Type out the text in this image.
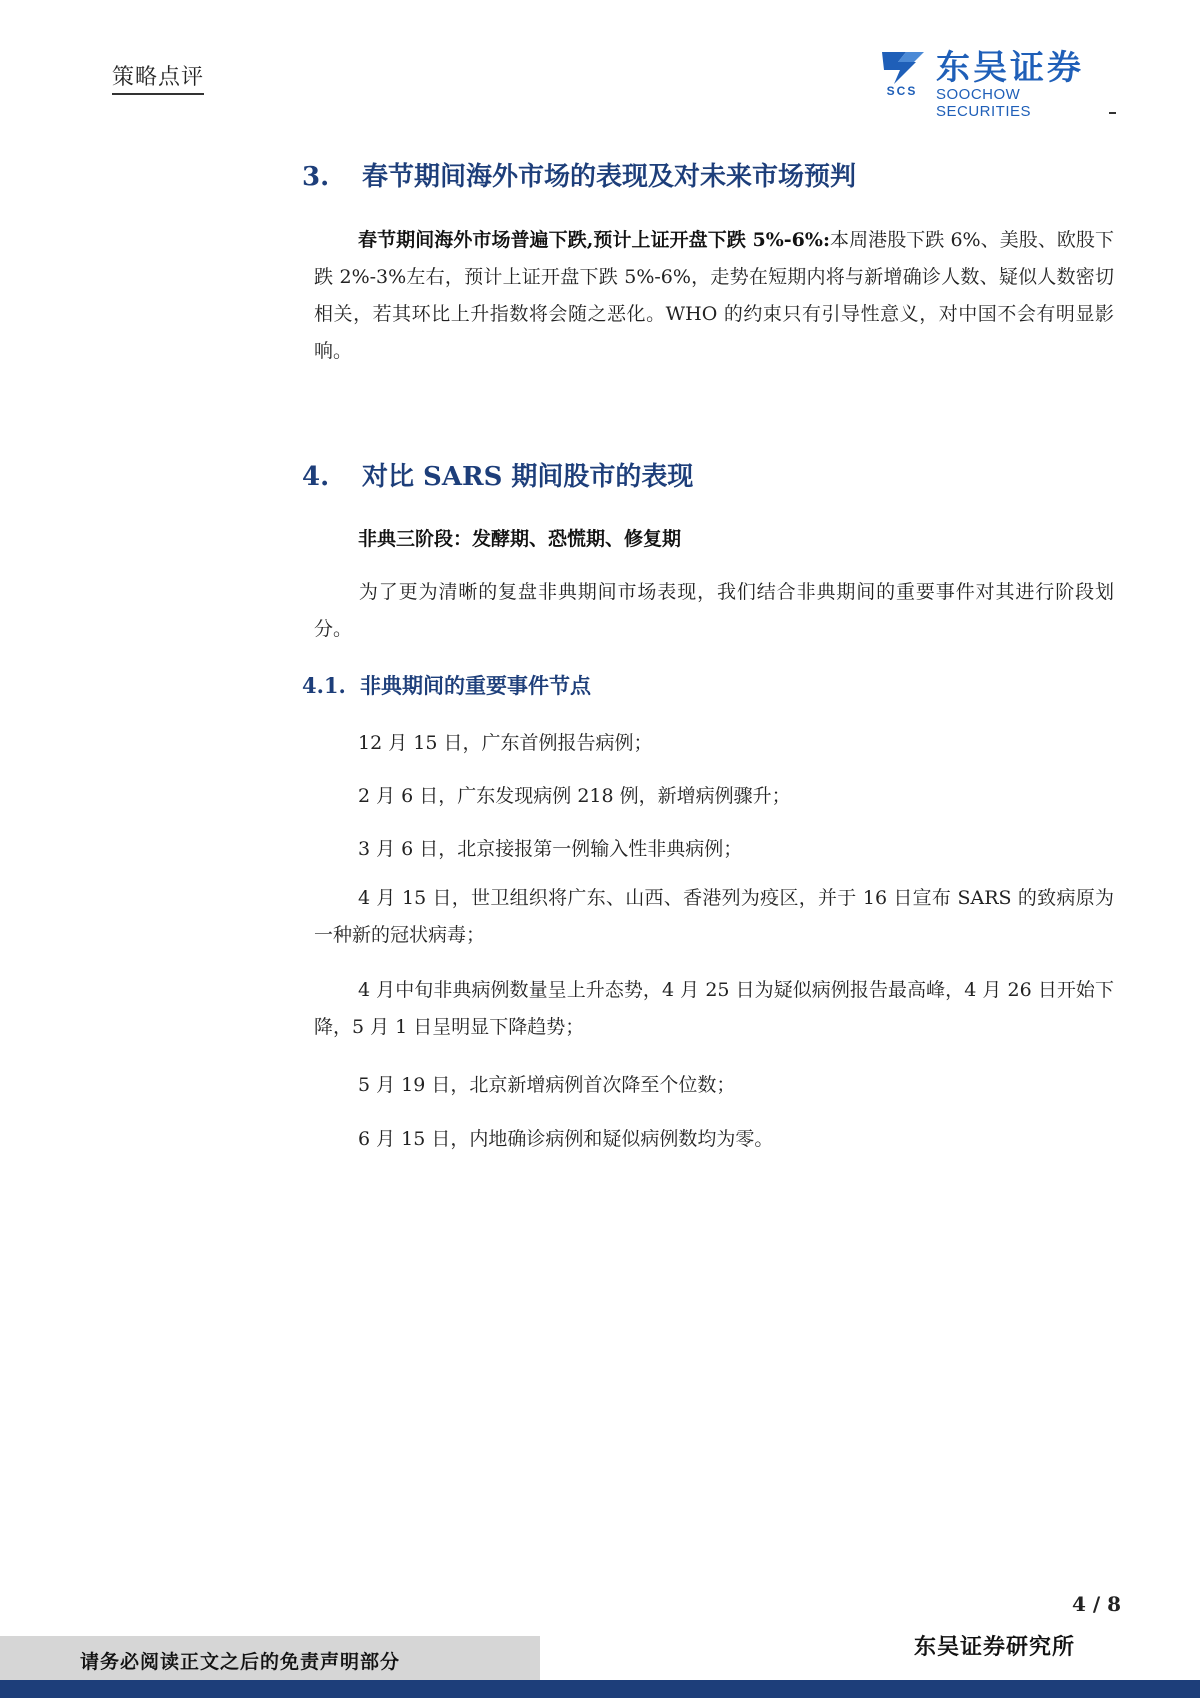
策略点评
SCS
东吴证券
SOOCHOW SECURITIES
3. 春节期间海外市场的表现及对未来市场预判
春节期间海外市场普遍下跌,预计上证开盘下跌 5%-6%:本周港股下跌 6%、美股、欧股下跌 2%-3%左右，预计上证开盘下跌 5%-6%，走势在短期内将与新增确诊人数、疑似人数密切相关，若其环比上升指数将会随之恶化。WHO 的约束只有引导性意义，对中国不会有明显影响。
4. 对比 SARS 期间股市的表现
非典三阶段：发酵期、恐慌期、修复期
为了更为清晰的复盘非典期间市场表现，我们结合非典期间的重要事件对其进行阶段划分。
4.1. 非典期间的重要事件节点
12 月 15 日，广东首例报告病例；
2 月 6 日，广东发现病例 218 例，新增病例骤升；
3 月 6 日，北京接报第一例输入性非典病例；
4 月 15 日，世卫组织将广东、山西、香港列为疫区，并于 16 日宣布 SARS 的致病原为一种新的冠状病毒；
4 月中旬非典病例数量呈上升态势，4 月 25 日为疑似病例报告最高峰，4 月 26 日开始下降，5 月 1 日呈明显下降趋势；
5 月 19 日，北京新增病例首次降至个位数；
6 月 15 日，内地确诊病例和疑似病例数均为零。
4 / 8
请务必阅读正文之后的免责声明部分
东吴证券研究所
